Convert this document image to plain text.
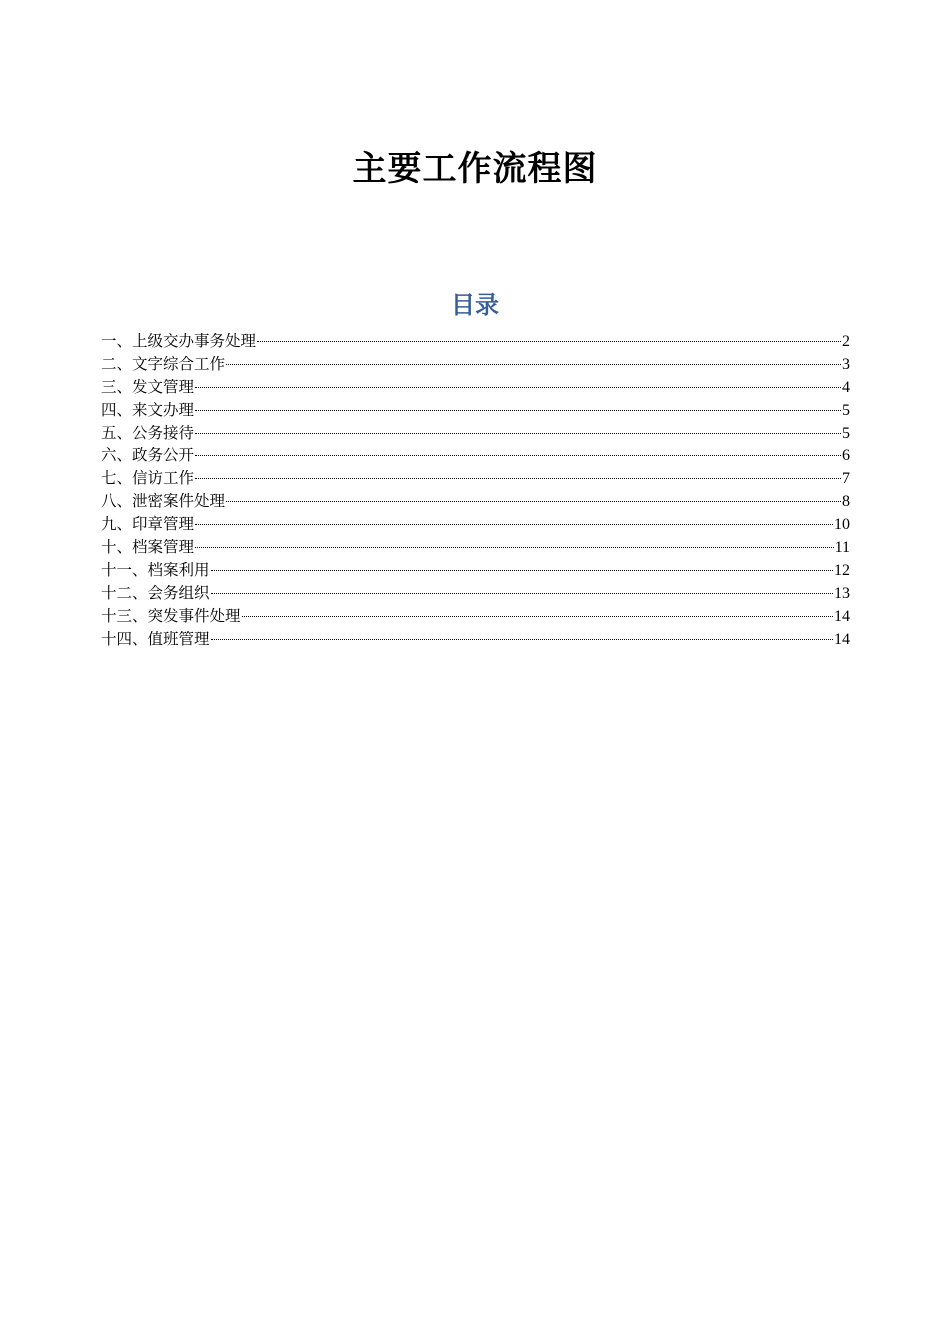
主要工作流程图
目录
一、上级交办事务处理	2
二、文字综合工作	3
三、发文管理	4
四、来文办理	5
五、公务接待	5
六、政务公开	6
七、信访工作	7
八、泄密案件处理	8
九、印章管理	10
十、档案管理	11
十一、档案利用	12
十二、会务组织	13
十三、突发事件处理	14
十四、值班管理	14
